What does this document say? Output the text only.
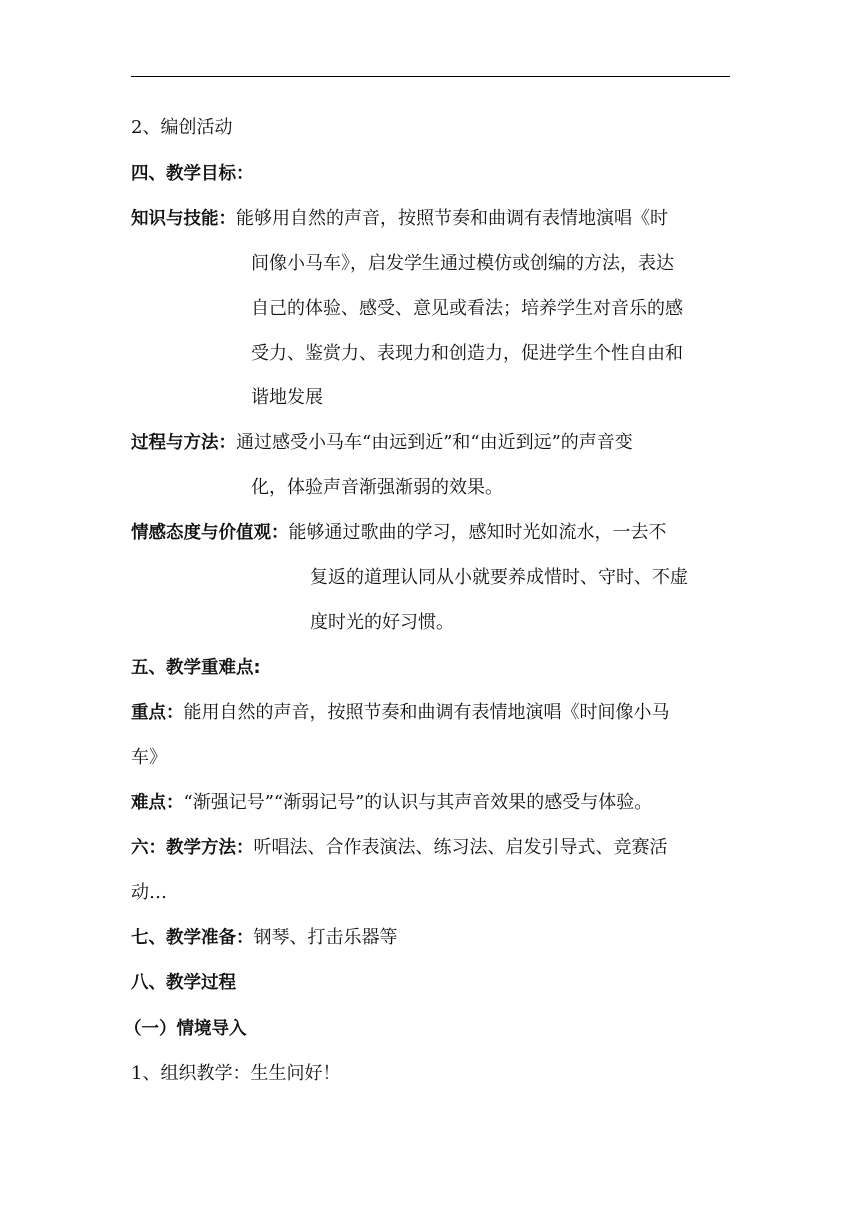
2、编创活动
四、教学目标：
知识与技能：能够用自然的声音，按照节奏和曲调有表情地演唱《时
间像小马车》，启发学生通过模仿或创编的方法，表达
自己的体验、感受、意见或看法；培养学生对音乐的感
受力、鉴赏力、表现力和创造力，促进学生个性自由和
谐地发展
过程与方法：通过感受小马车“由远到近”和“由近到远”的声音变
化，体验声音渐强渐弱的效果。
情感态度与价值观：能够通过歌曲的学习，感知时光如流水，一去不
复返的道理认同从小就要养成惜时、守时、不虚
度时光的好习惯。
五、教学重难点:
重点：能用自然的声音，按照节奏和曲调有表情地演唱《时间像小马
车》
难点：“渐强记号”“渐弱记号”的认识与其声音效果的感受与体验。
六：教学方法：听唱法、合作表演法、练习法、启发引导式、竞赛活
动…
七、教学准备：钢琴、打击乐器等
八、教学过程
（一）情境导入
1、组织教学：生生问好！
